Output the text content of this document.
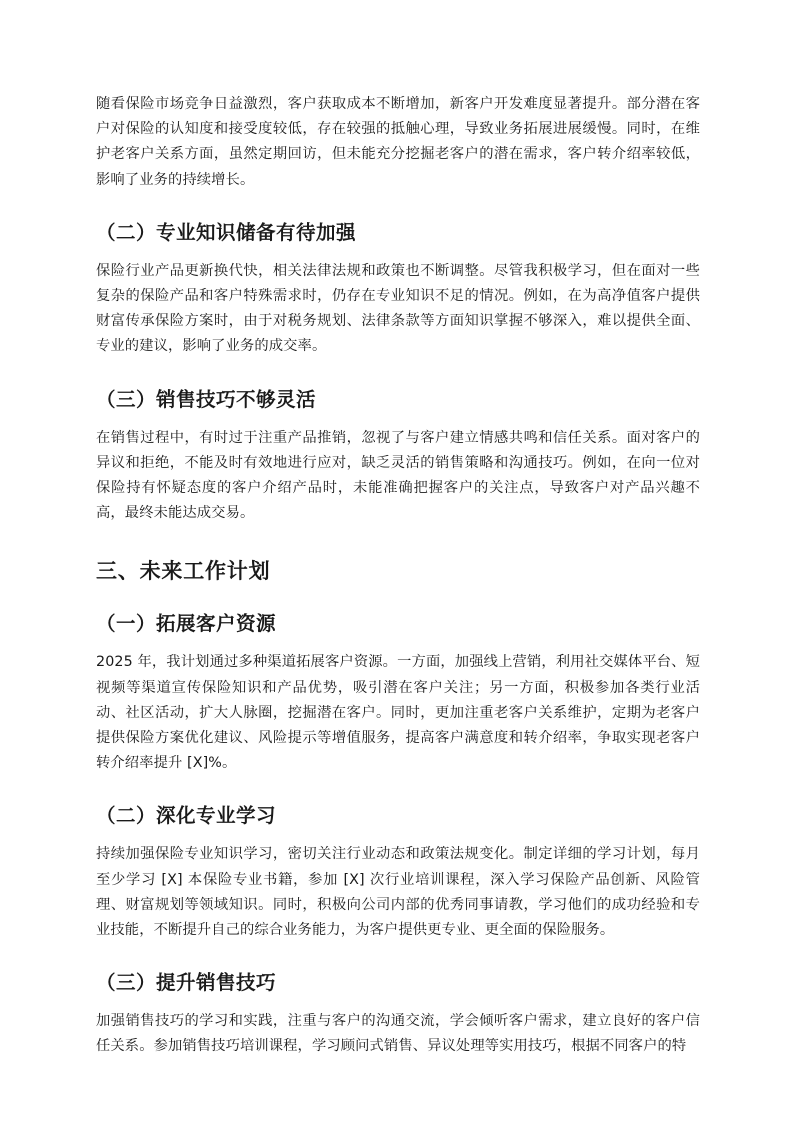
随看保险市场竞争日益激烈，客户获取成本不断增加，新客户开发难度显著提升。部分潜在客户对保险的认知度和接受度较低，存在较强的抵触心理，导致业务拓展进展缓慢。同时，在维护老客户关系方面，虽然定期回访，但未能充分挖掘老客户的潜在需求，客户转介绍率较低，影响了业务的持续增长。

（二）专业知识储备有待加强

保险行业产品更新换代快，相关法律法规和政策也不断调整。尽管我积极学习，但在面对一些复杂的保险产品和客户特殊需求时，仍存在专业知识不足的情况。例如，在为高净值客户提供财富传承保险方案时，由于对税务规划、法律条款等方面知识掌握不够深入，难以提供全面、专业的建议，影响了业务的成交率。

（三）销售技巧不够灵活

在销售过程中，有时过于注重产品推销，忽视了与客户建立情感共鸣和信任关系。面对客户的异议和拒绝，不能及时有效地进行应对，缺乏灵活的销售策略和沟通技巧。例如，在向一位对保险持有怀疑态度的客户介绍产品时，未能准确把握客户的关注点，导致客户对产品兴趣不高，最终未能达成交易。

三、未来工作计划
（一）拓展客户资源

2025 年，我计划通过多种渠道拓展客户资源。一方面，加强线上营销，利用社交媒体平台、短视频等渠道宣传保险知识和产品优势，吸引潜在客户关注；另一方面，积极参加各类行业活动、社区活动，扩大人脉圈，挖掘潜在客户。同时，更加注重老客户关系维护，定期为老客户提供保险方案优化建议、风险提示等增值服务，提高客户满意度和转介绍率，争取实现老客户转介绍率提升 [X]%。

（二）深化专业学习

持续加强保险专业知识学习，密切关注行业动态和政策法规变化。制定详细的学习计划，每月至少学习 [X] 本保险专业书籍，参加 [X] 次行业培训课程，深入学习保险产品创新、风险管理、财富规划等领域知识。同时，积极向公司内部的优秀同事请教，学习他们的成功经验和专业技能，不断提升自己的综合业务能力，为客户提供更专业、更全面的保险服务。

（三）提升销售技巧

加强销售技巧的学习和实践，注重与客户的沟通交流，学会倾听客户需求，建立良好的客户信任关系。参加销售技巧培训课程，学习顾问式销售、异议处理等实用技巧，根据不同客户的特
